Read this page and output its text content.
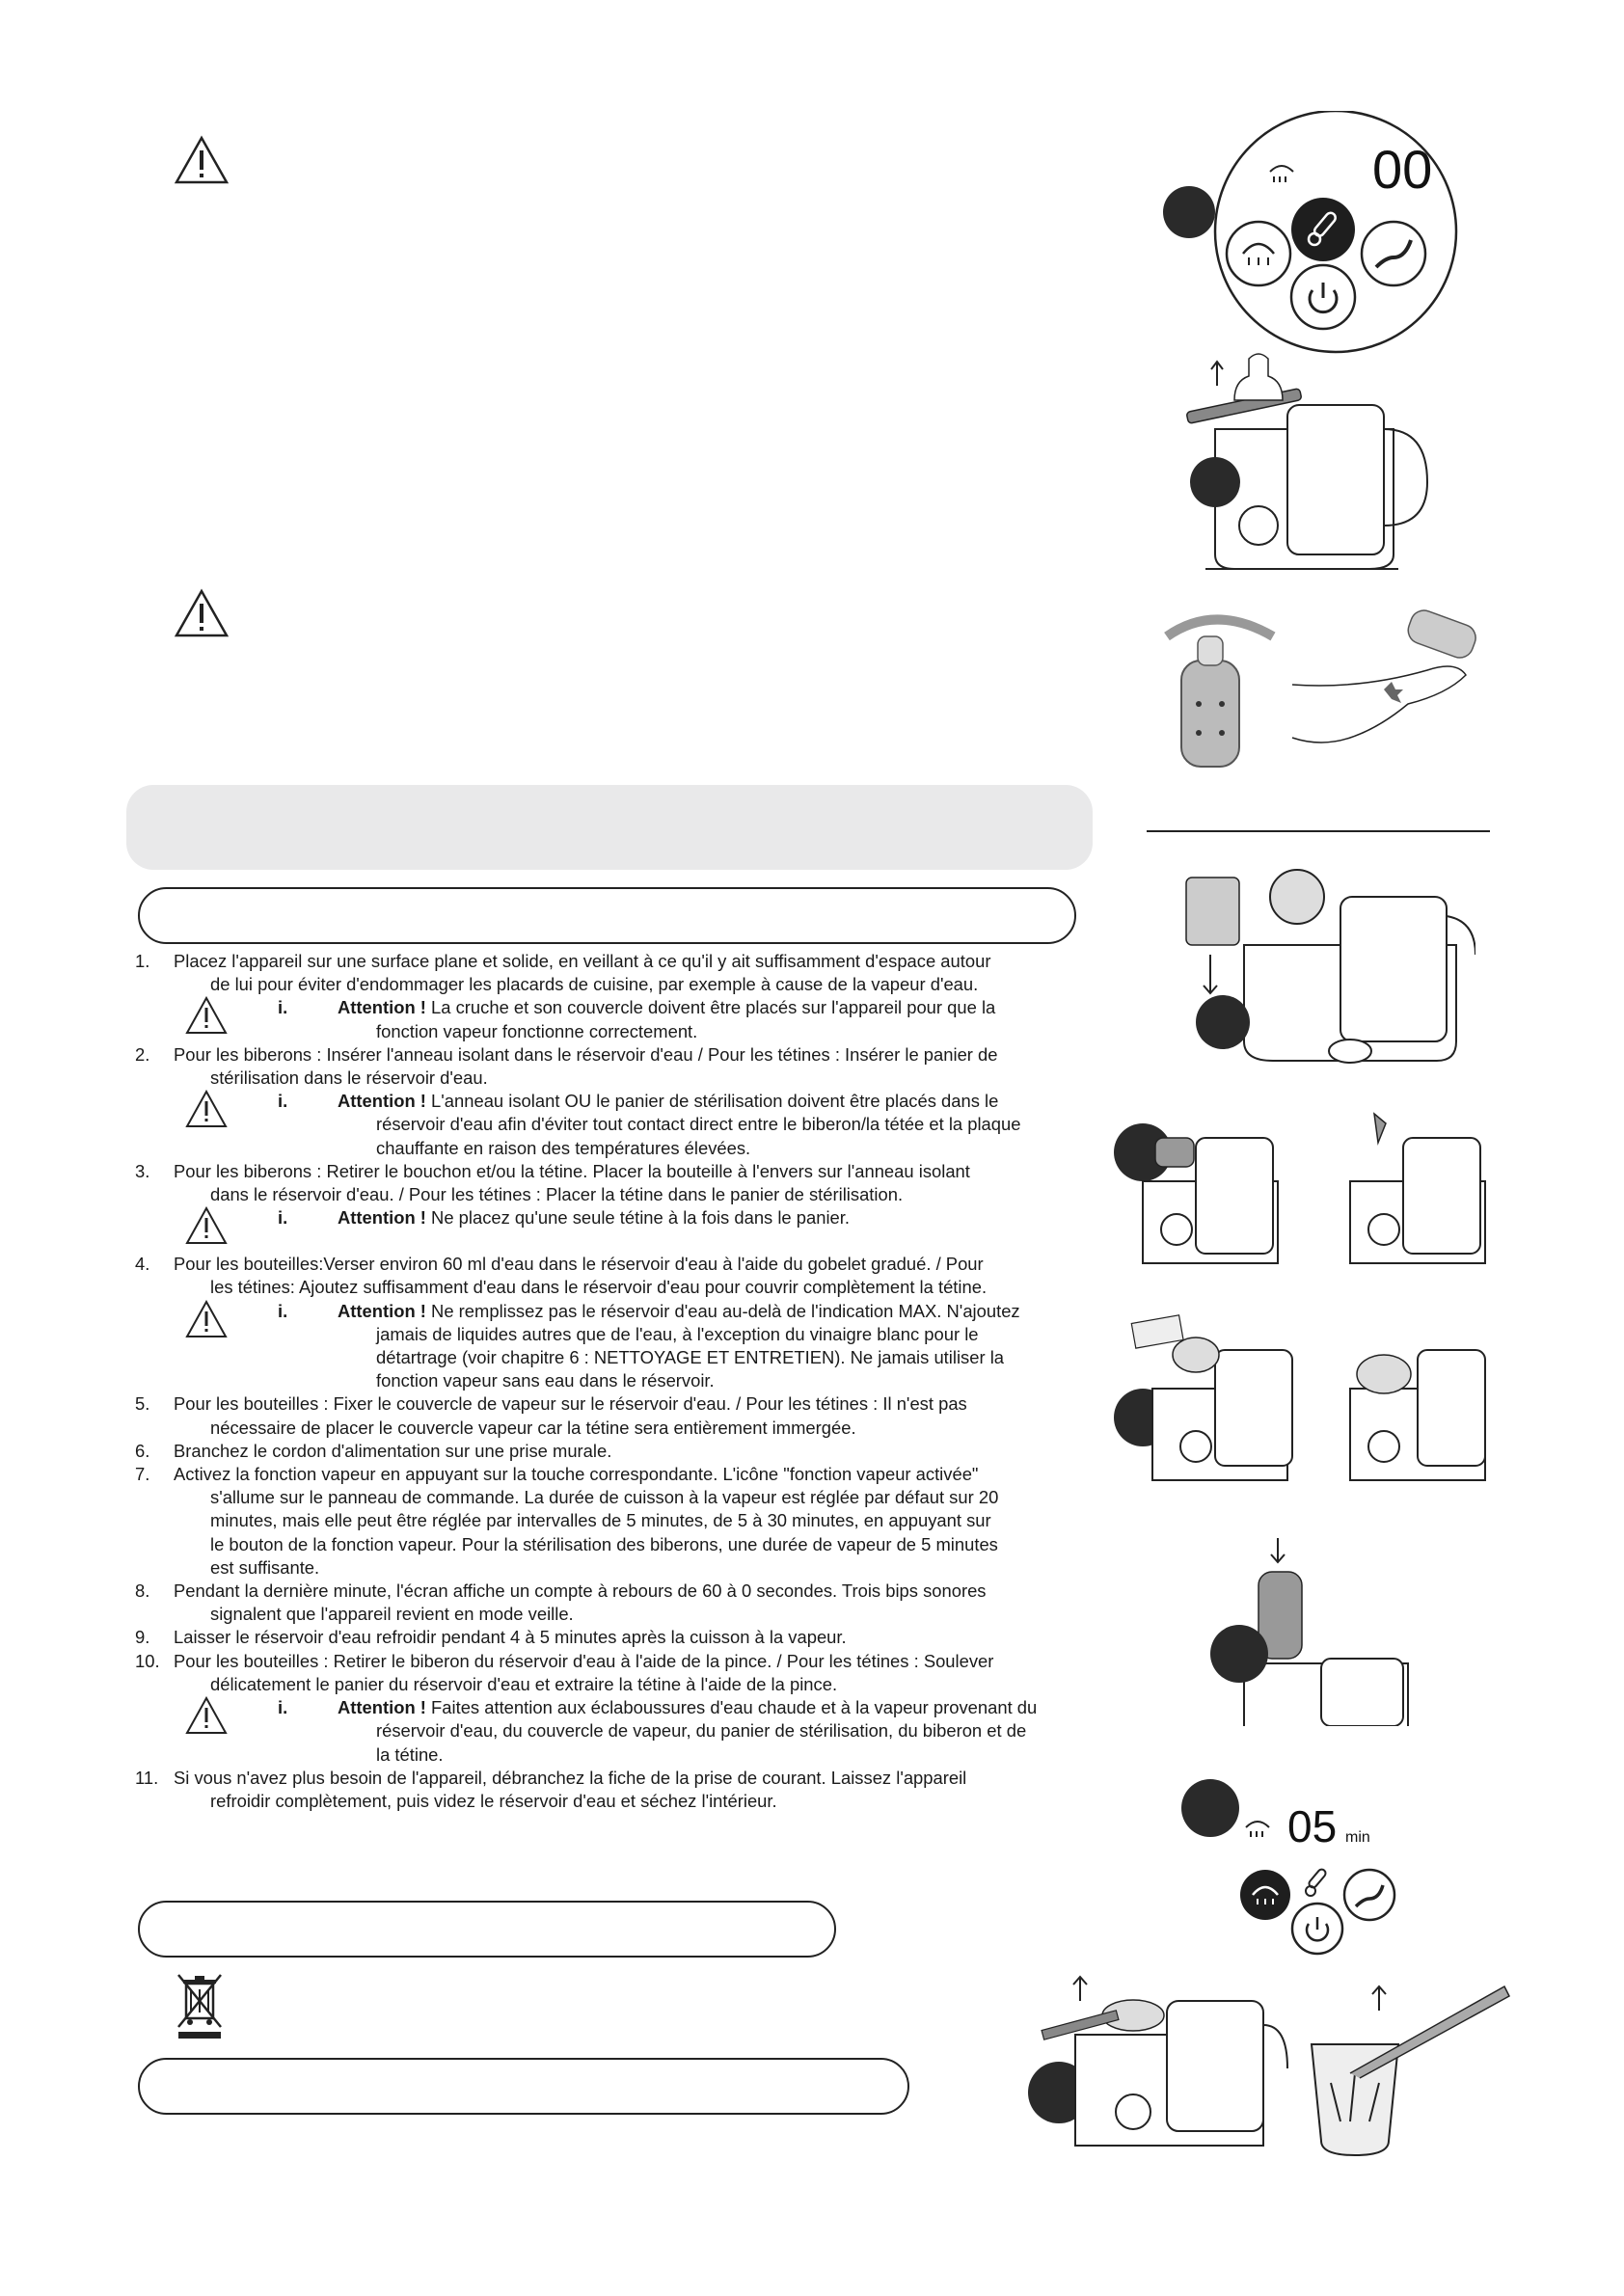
1. Placez l'appareil sur une surface plane et solide, en veillant à ce qu'il y ait suffisamment d'espace autour
de lui pour éviter d'endommager les placards de cuisine, par exemple à cause de la vapeur d'eau.
i.	Attention ! La cruche et son couvercle doivent être placés sur l'appareil pour que la
fonction vapeur fonctionne correctement.
2. Pour les biberons : Insérer l'anneau isolant dans le réservoir d'eau / Pour les tétines : Insérer le panier de
stérilisation dans le réservoir d'eau.
i.	Attention ! L'anneau isolant OU le panier de stérilisation doivent être placés dans le
réservoir d'eau afin d'éviter tout contact direct entre le biberon/la tétée et la plaque
chauffante en raison des températures élevées.
3. Pour les biberons : Retirer le bouchon et/ou la tétine. Placer la bouteille à l'envers sur l'anneau isolant
dans le réservoir d'eau. / Pour les tétines : Placer la tétine dans le panier de stérilisation.
i.	Attention ! Ne placez qu'une seule tétine à la fois dans le panier.
4. Pour les bouteilles:Verser environ 60 ml d'eau dans le réservoir d'eau à l'aide du gobelet gradué. / Pour
les tétines: Ajoutez suffisamment d'eau dans le réservoir d'eau pour couvrir complètement la tétine.
i.	Attention ! Ne remplissez pas le réservoir d'eau au-delà de l'indication MAX. N'ajoutez
jamais de liquides autres que de l'eau, à l'exception du vinaigre blanc pour le
détartrage (voir chapitre 6 : NETTOYAGE ET ENTRETIEN). Ne jamais utiliser la
fonction vapeur sans eau dans le réservoir.
5. Pour les bouteilles : Fixer le couvercle de vapeur sur le réservoir d'eau. / Pour les tétines : Il n'est pas
nécessaire de placer le couvercle vapeur car la tétine sera entièrement immergée.
6. Branchez le cordon d'alimentation sur une prise murale.
7. Activez la fonction vapeur en appuyant sur la touche correspondante. L'icône "fonction vapeur activée"
s'allume sur le panneau de commande. La durée de cuisson à la vapeur est réglée par défaut sur 20
minutes, mais elle peut être réglée par intervalles de 5 minutes, de 5 à 30 minutes, en appuyant sur
le bouton de la fonction vapeur. Pour la stérilisation des biberons, une durée de vapeur de 5 minutes
est suffisante.
8. Pendant la dernière minute, l'écran affiche un compte à rebours de 60 à 0 secondes. Trois bips sonores
signalent que l'appareil revient en mode veille.
9. Laisser le réservoir d'eau refroidir pendant 4 à 5 minutes après la cuisson à la vapeur.
10. Pour les bouteilles : Retirer le biberon du réservoir d'eau à l'aide de la pince. / Pour les tétines : Soulever
délicatement le panier du réservoir d'eau et extraire la tétine à l'aide de la pince.
i.	Attention ! Faites attention aux éclaboussures d'eau chaude et à la vapeur provenant du
réservoir d'eau, du couvercle de vapeur, du panier de stérilisation, du biberon et de
la tétine.
11. Si vous n'avez plus besoin de l'appareil, débranchez la fiche de la prise de courant. Laissez l'appareil
refroidir complètement, puis videz le réservoir d'eau et séchez l'intérieur.
00
05 min
